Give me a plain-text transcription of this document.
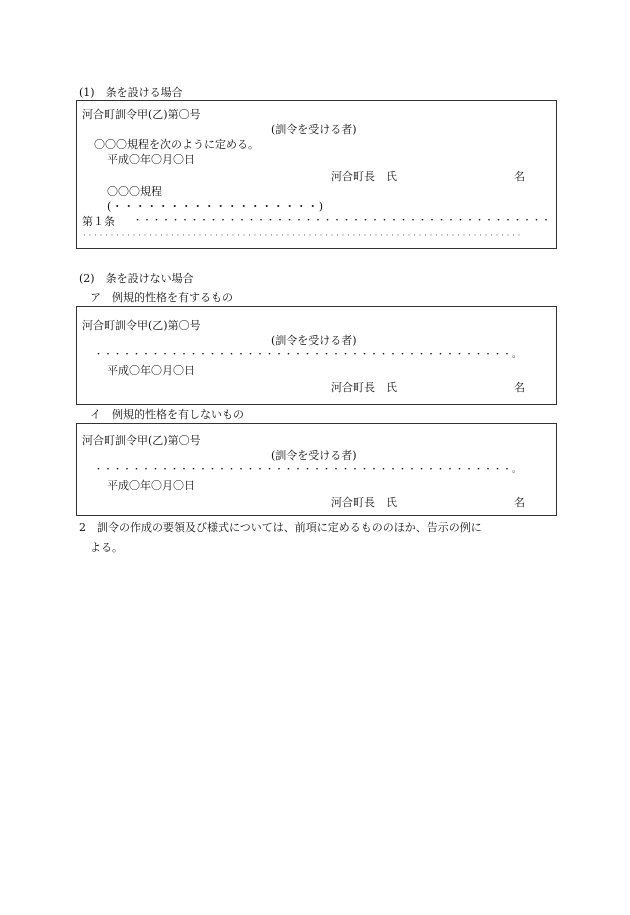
(1)　条を設ける場合
河合町訓令甲(乙)第〇号
(訓令を受ける者)
〇〇〇規程を次のように定める。
平成〇年〇月〇日
河合町長　氏	名
〇〇〇規程
(・・・・・・・・・・・・・・・・・・)
第１条 ・・・・・・・・・・・・・・・・・・・・・・・・・・・・・・・・・・・・・・・・・・・・
・・・・・・・・・・・・・・・・・・・・・・・・・・・・・・・・・・・・・・・・・・・・・・・・・・・・・・・・・・・・・・・・・・・・・・・・・・・・・・・・
(2)　条を設けない場合
ア　例規的性格を有するもの
河合町訓令甲(乙)第〇号
(訓令を受ける者)
・・・・・・・・・・・・・・・・・・・・・・・・・・・・・・・・・・・・・・・・・・・・。
平成〇年〇月〇日
河合町長　氏	名
イ　例規的性格を有しないもの
河合町訓令甲(乙)第〇号
(訓令を受ける者)
・・・・・・・・・・・・・・・・・・・・・・・・・・・・・・・・・・・・・・・・・・・・。
平成〇年〇月〇日
河合町長　氏	名
2　訓令の作成の要領及び様式については、前項に定めるもののほか、告示の例に
よる。
